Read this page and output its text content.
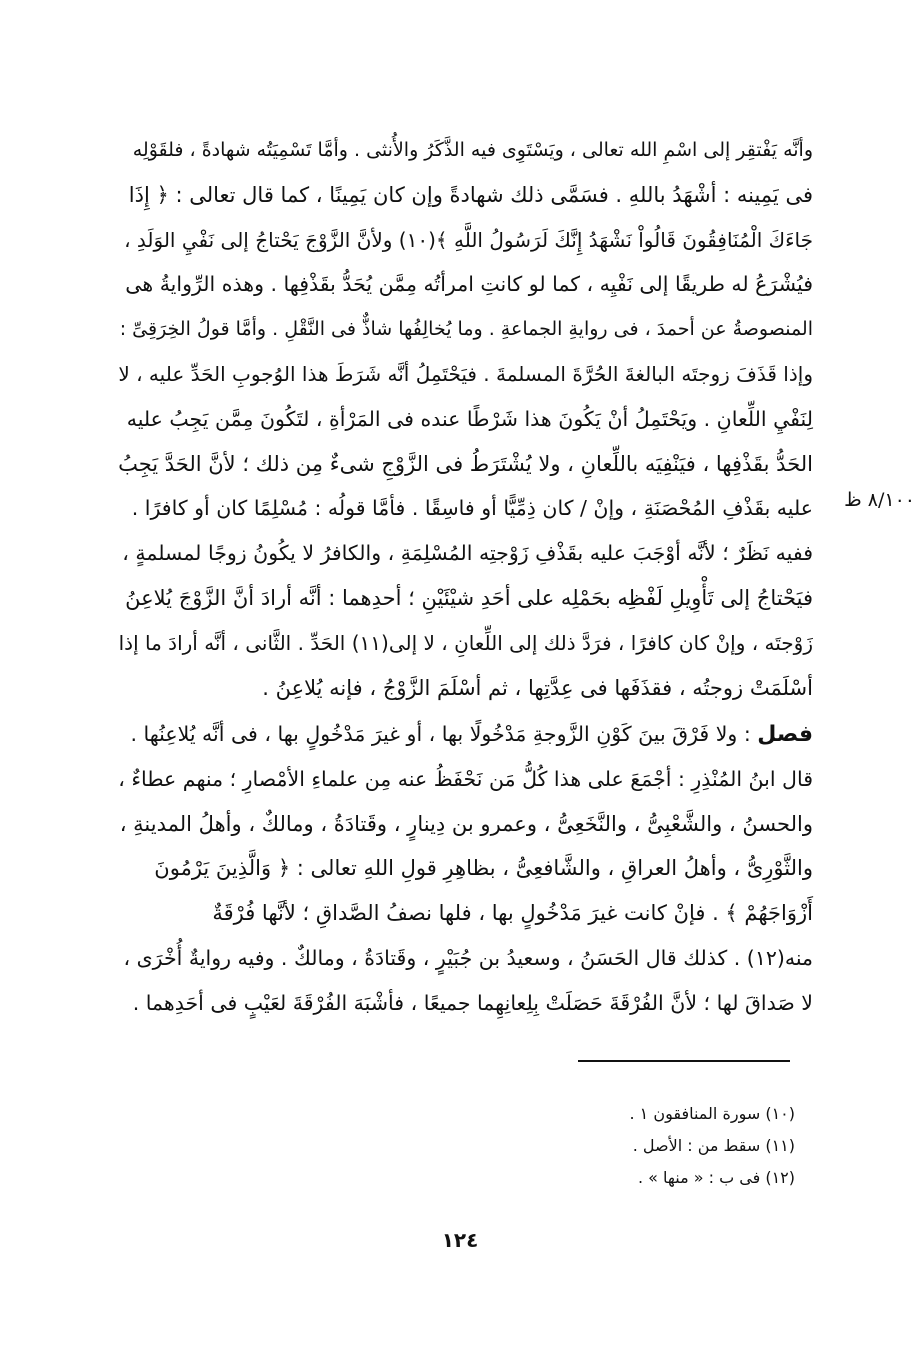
وأنَّه يَفْتقِر إلى اسْمِ الله تعالى ، ويَسْتَوِى فيه الذَّكَرُ والأُنثى . وأمَّا تَسْمِيَتُه شهادةً ، فلقَوْلِه
فى يَمِينه : أشْهَدُ باللهِ . فسَمَّى ذلك شهادةً وإن كان يَمِينًا ، كما قال تعالى : ﴿ إِذَا
جَاءَكَ الْمُنَافِقُونَ قَالُواْ نَشْهَدُ إِنَّكَ لَرَسُولُ اللَّهِ ﴾(١٠) ولأنَّ الزَّوْجَ يَحْتاجُ إلى نَفْيِ الوَلَدِ ،
فيُشْرَعُ له طريقًا إلى نَفْيِه ، كما لو كانتِ امرأتُه مِمَّن يُحَدُّ بقَذْفِها . وهذه الرِّوايةُ هى
المنصوصةُ عن أحمدَ ، فى روايةِ الجماعةِ . وما يُخالِفُها شاذٌّ فى النَّقْلِ . وأمَّا قولُ الخِرَقِىِّ :
وإذا قَذَفَ زوجتَه البالغةَ الحُرَّةَ المسلمةَ . فيَحْتَمِلُ أنَّه شَرَطَ هذا الوُجوبِ الحَدِّ عليه ، لا
لِنَفْيِ اللِّعانِ . ويَحْتَمِلُ أنْ يَكُونَ هذا شَرْطًا عنده فى المَرْأةِ ، لتَكُونَ مِمَّن يَجِبُ عليه
الحَدُّ بقَذْفِها ، فيَنْفِيَه باللِّعانِ ، ولا يُشْتَرَطُ فى الزَّوْجِ شىءٌ مِن ذلك ؛ لأنَّ الحَدَّ يَجِبُ
عليه بقَذْفِ المُحْصَنَةِ ، وإنْ / كان ذِمِّيًّا أو فاسِقًا . فأمَّا قولُه : مُسْلِمًا كان أو كافرًا .
ففيه نَظَرٌ ؛ لأنَّه أوْجَبَ عليه بقَذْفِ زَوْجتِه المُسْلِمَةِ ، والكافرُ لا يكُونُ زوجًا لمسلمةٍ ،
فيَحْتاجُ إلى تَأْوِيلِ لَفْظِه بحَمْلِه على أحَدِ شيْئَيْنِ ؛ أحدِهما : أنَّه أرادَ أنَّ الزَّوْجَ يُلاعِنُ
زَوْجتَه ، وإنْ كان كافرًا ، فرَدَّ ذلك إلى اللِّعانِ ، لا إلى(١١) الحَدِّ . الثَّانى ، أنَّه أرادَ ما إذا
أسْلَمَتْ زوجتُه ، فقذَفَها فى عِدَّتِها ، ثم أسْلَمَ الزَّوْجُ ، فإنه يُلاعِنُ .
٨/١٠٠ ظ
فصل : ولا فَرْقَ بينَ كَوْنِ الزَّوجةِ مَدْخُولًا بها ، أو غيرَ مَدْخُولٍ بها ، فى أنَّه يُلاعِنُها .
قال ابنُ المُنْذِرِ : أجْمَعَ على هذا كُلُّ مَن نَحْفَظُ عنه مِن علماءِ الأمْصارِ ؛ منهم عطاءٌ ،
والحسنُ ، والشَّعْبِىُّ ، والنَّخَعِىُّ ، وعمرو بن دِينارٍ ، وقَتادَةُ ، ومالكٌ ، وأهلُ المدينةِ ،
والثَّوْرِىُّ ، وأهلُ العراقِ ، والشَّافعِىُّ ، بظاهِرِ قولِ اللهِ تعالى : ﴿ وَالَّذِينَ يَرْمُونَ
أَزْوَاجَهُمْ ﴾ . فإنْ كانت غيرَ مَدْخُولٍ بها ، فلها نصفُ الصَّداقِ ؛ لأنَّها فُرْقَةٌ
منه(١٢) . كذلك قال الحَسَنُ ، وسعيدُ بن جُبَيْرٍ ، وقَتادَةُ ، ومالكٌ . وفيه روايةٌ أُخْرَى ،
لا صَداقَ لها ؛ لأنَّ الفُرْقَةَ حَصَلَتْ بِلِعانِهِما جميعًا ، فأشْبَهَ الفُرْقَةَ لعَيْبٍ فى أحَدِهما .
(١٠) سورة المنافقون ١ .
(١١) سقط من : الأصل .
(١٢) فى ب : « منها » .
١٢٤
